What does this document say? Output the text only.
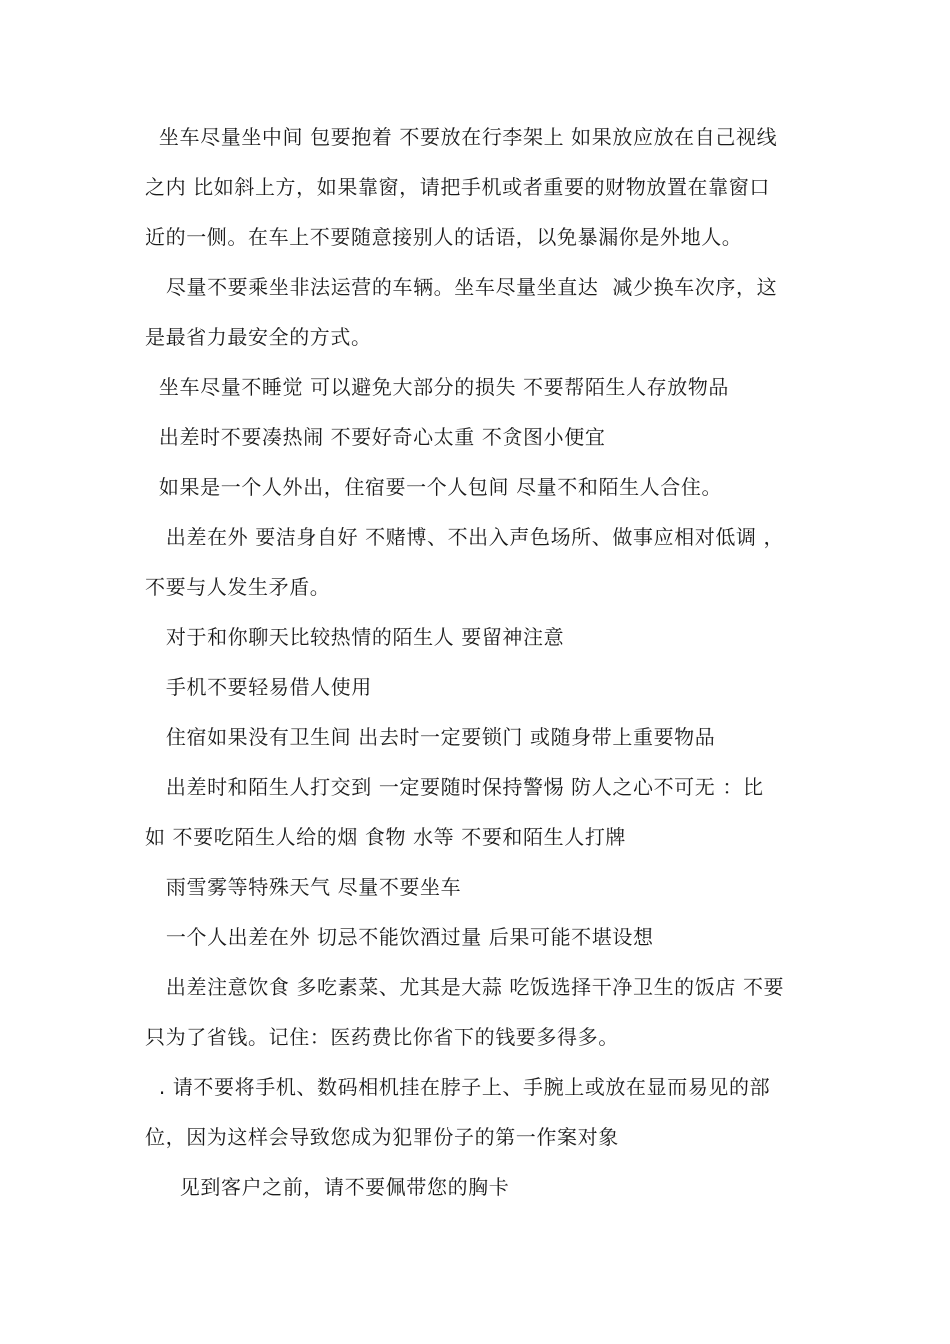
坐车尽量坐中间 包要抱着 不要放在行李架上 如果放应放在自己视线
之内 比如斜上方，如果靠窗，请把手机或者重要的财物放置在靠窗口
近的一侧。在车上不要随意接别人的话语，以免暴漏你是外地人。
尽量不要乘坐非法运营的车辆。坐车尽量坐直达  减少换车次序，这
是最省力最安全的方式。
坐车尽量不睡觉 可以避免大部分的损失 不要帮陌生人存放物品
出差时不要凑热闹 不要好奇心太重 不贪图小便宜
如果是一个人外出，住宿要一个人包间 尽量不和陌生人合住。
出差在外 要洁身自好 不赌博、不出入声色场所、做事应相对低调 ，
不要与人发生矛盾。
对于和你聊天比较热情的陌生人 要留神注意
手机不要轻易借人使用
住宿如果没有卫生间 出去时一定要锁门 或随身带上重要物品
出差时和陌生人打交到 一定要随时保持警惕 防人之心不可无 ：比
如 不要吃陌生人给的烟 食物 水等 不要和陌生人打牌
雨雪雾等特殊天气 尽量不要坐车
一个人出差在外 切忌不能饮酒过量 后果可能不堪设想
出差注意饮食 多吃素菜、尤其是大蒜 吃饭选择干净卫生的饭店 不要
只为了省钱。记住：医药费比你省下的钱要多得多。
. 请不要将手机、数码相机挂在脖子上、手腕上或放在显而易见的部
位，因为这样会导致您成为犯罪份子的第一作案对象
见到客户之前，请不要佩带您的胸卡
